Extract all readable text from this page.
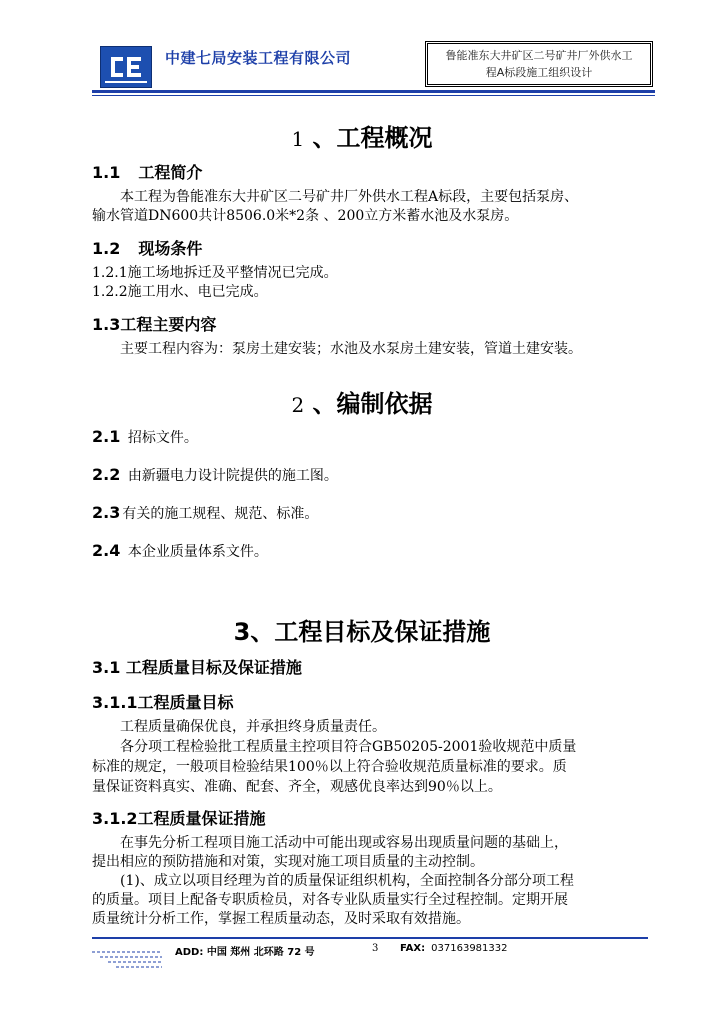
中建七局安装工程有限公司	鲁能准东大井矿区二号矿井厂外供水工
程A标段施工组织设计
1 、工程概况
1.1 工程简介
本工程为鲁能准东大井矿区二号矿井厂外供水工程A标段，主要包括泵房、
输水管道DN600共计8506.0米*2条 、200立方米蓄水池及水泵房。
1.2 现场条件
1.2.1施工场地拆迁及平整情况已完成。
1.2.2施工用水、电已完成。
1.3工程主要内容
主要工程内容为：泵房土建安装；水池及水泵房土建安装，管道土建安装。
2 、编制依据
2.1 招标文件。
2.2 由新疆电力设计院提供的施工图。
2.3 有关的施工规程、规范、标准。
2.4 本企业质量体系文件。
3、工程目标及保证措施
3.1 工程质量目标及保证措施
3.1.1工程质量目标
工程质量确保优良，并承担终身质量责任。
各分项工程检验批工程质量主控项目符合GB50205-2001验收规范中质量
标准的规定，一般项目检验结果100％以上符合验收规范质量标准的要求。质
量保证资料真实、准确、配套、齐全，观感优良率达到90％以上。
3.1.2工程质量保证措施
在事先分析工程项目施工活动中可能出现或容易出现质量问题的基础上，
提出相应的预防措施和对策，实现对施工项目质量的主动控制。
(1)、成立以项目经理为首的质量保证组织机构，全面控制各分部分项工程
的质量。项目上配备专职质检员，对各专业队质量实行全过程控制。定期开展
质量统计分析工作，掌握工程质量动态，及时采取有效措施。
ADD: 中国 郑州 北环路 72 号	3 FAX: 037163981332
